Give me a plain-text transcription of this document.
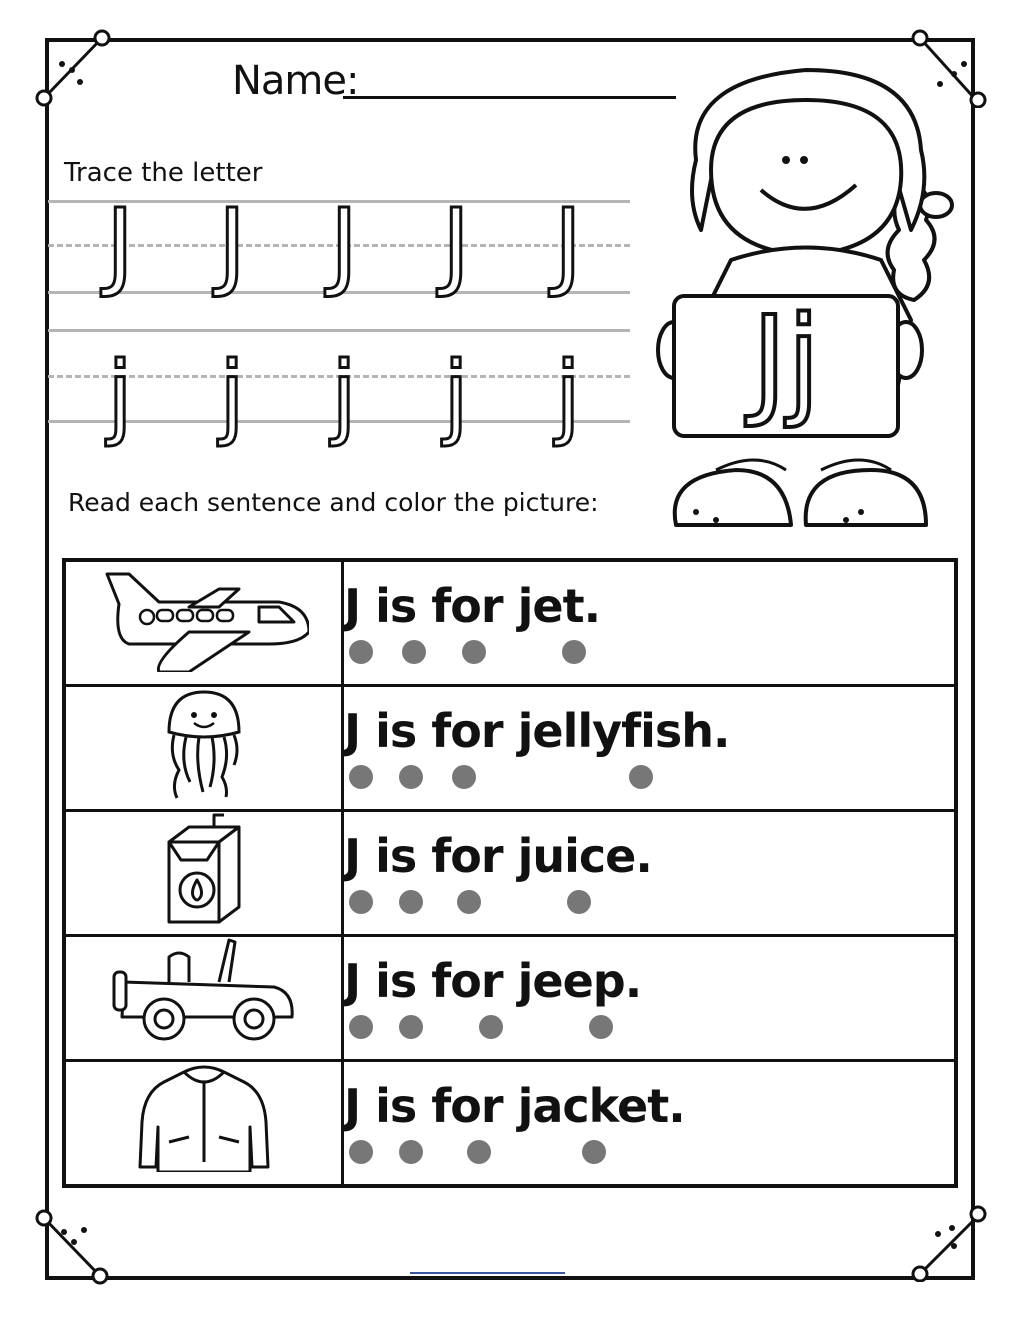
Name:
Trace the letter
J J J J J
j j j j j	Jj
Read each sentence and color the picture:

J is for jet.

J is for jellyfish.

J is for juice.

J is for jeep.

J is for jacket.
